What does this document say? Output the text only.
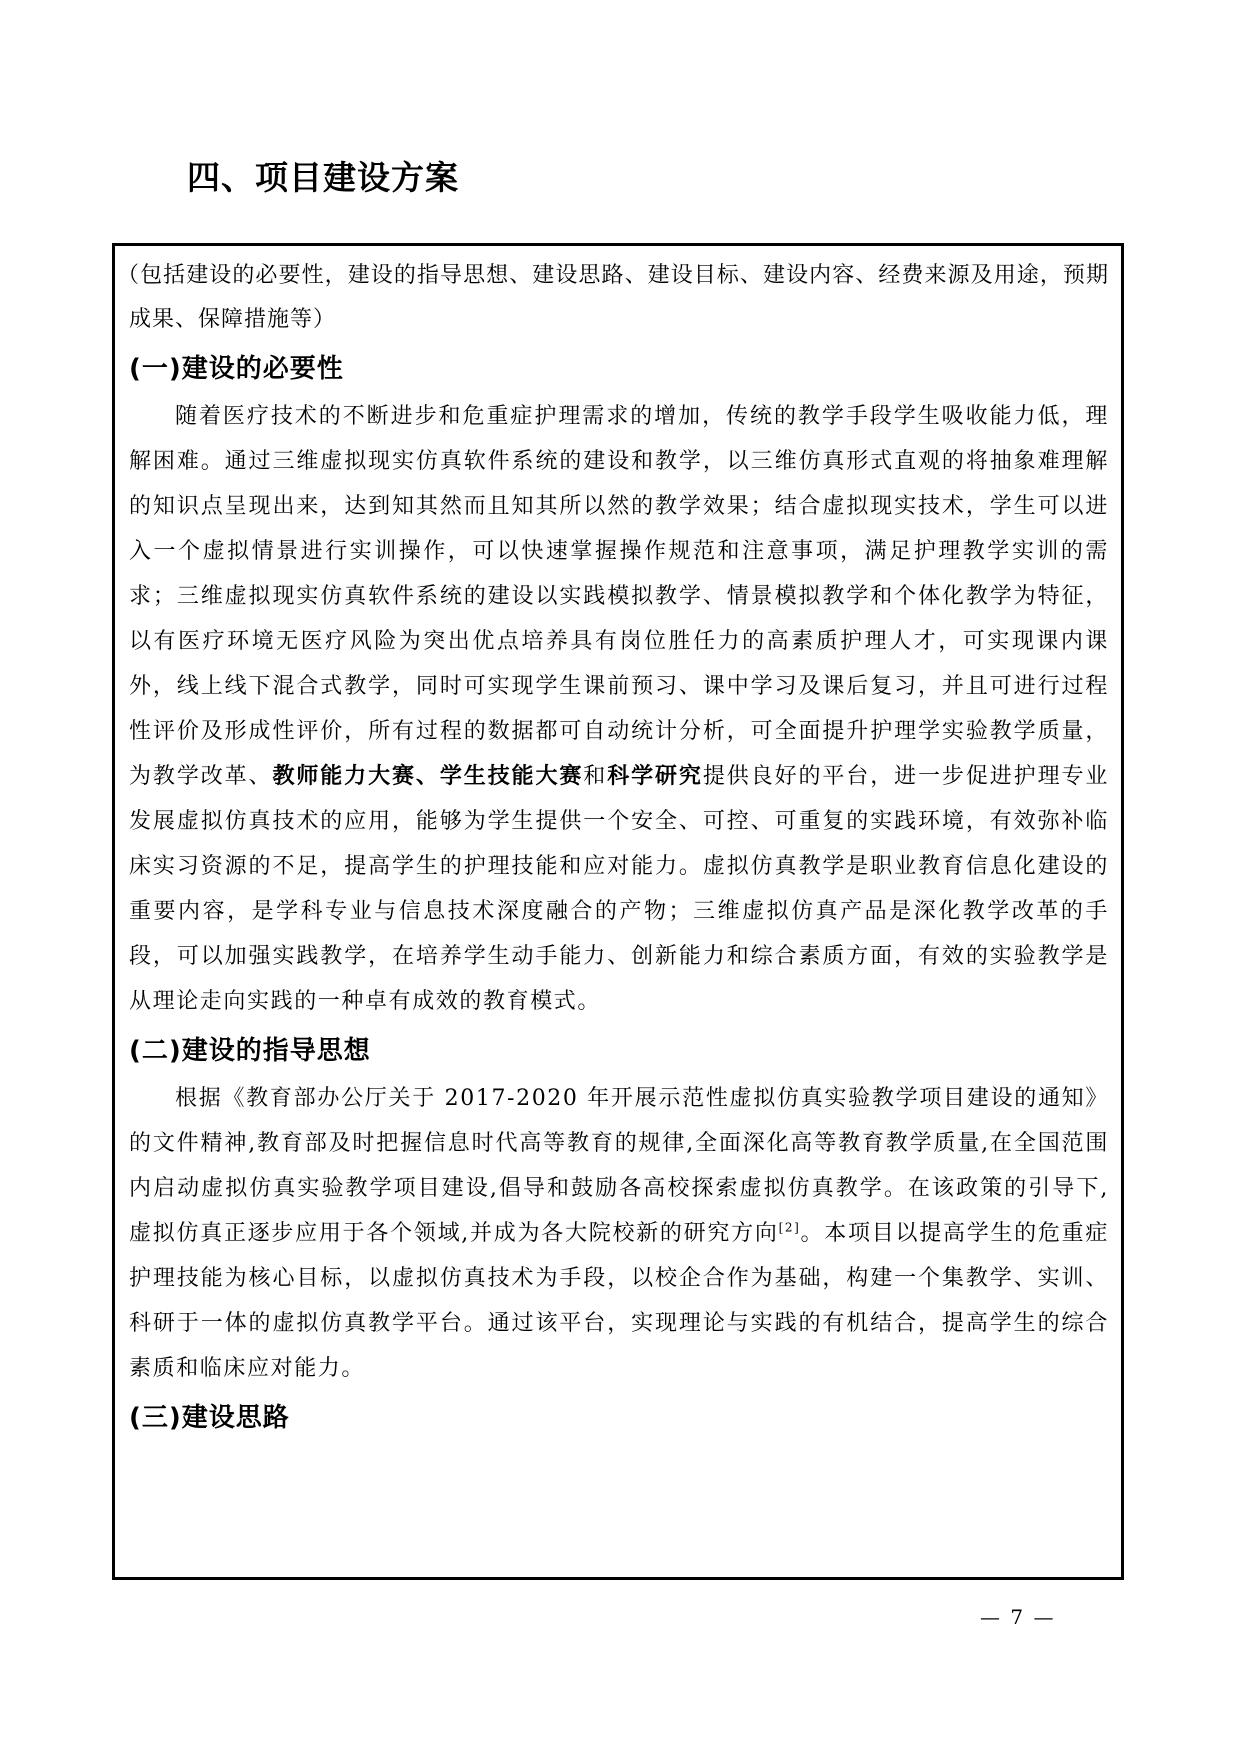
四、项目建设方案

（包括建设的必要性，建设的指导思想、建设思路、建设目标、建设内容、经费来源及用途，预期成果、保障措施等）

(一)建设的必要性

随着医疗技术的不断进步和危重症护理需求的增加，传统的教学手段学生吸收能力低，理解困难。通过三维虚拟现实仿真软件系统的建设和教学，以三维仿真形式直观的将抽象难理解的知识点呈现出来，达到知其然而且知其所以然的教学效果；结合虚拟现实技术，学生可以进入一个虚拟情景进行实训操作，可以快速掌握操作规范和注意事项，满足护理教学实训的需求；三维虚拟现实仿真软件系统的建设以实践模拟教学、情景模拟教学和个体化教学为特征，以有医疗环境无医疗风险为突出优点培养具有岗位胜任力的高素质护理人才，可实现课内课外，线上线下混合式教学，同时可实现学生课前预习、课中学习及课后复习，并且可进行过程性评价及形成性评价，所有过程的数据都可自动统计分析，可全面提升护理学实验教学质量，为教学改革、教师能力大赛、学生技能大赛和科学研究提供良好的平台，进一步促进护理专业发展虚拟仿真技术的应用，能够为学生提供一个安全、可控、可重复的实践环境，有效弥补临床实习资源的不足，提高学生的护理技能和应对能力。虚拟仿真教学是职业教育信息化建设的重要内容，是学科专业与信息技术深度融合的产物；三维虚拟仿真产品是深化教学改革的手段，可以加强实践教学，在培养学生动手能力、创新能力和综合素质方面，有效的实验教学是从理论走向实践的一种卓有成效的教育模式。

(二)建设的指导思想

根据《教育部办公厅关于 2017-2020 年开展示范性虚拟仿真实验教学项目建设的通知》的文件精神,教育部及时把握信息时代高等教育的规律,全面深化高等教育教学质量,在全国范围内启动虚拟仿真实验教学项目建设,倡导和鼓励各高校探索虚拟仿真教学。在该政策的引导下,虚拟仿真正逐步应用于各个领域,并成为各大院校新的研究方向[2]。本项目以提高学生的危重症护理技能为核心目标，以虚拟仿真技术为手段，以校企合作为基础，构建一个集教学、实训、科研于一体的虚拟仿真教学平台。通过该平台，实现理论与实践的有机结合，提高学生的综合素质和临床应对能力。

(三)建设思路

— 7 —
